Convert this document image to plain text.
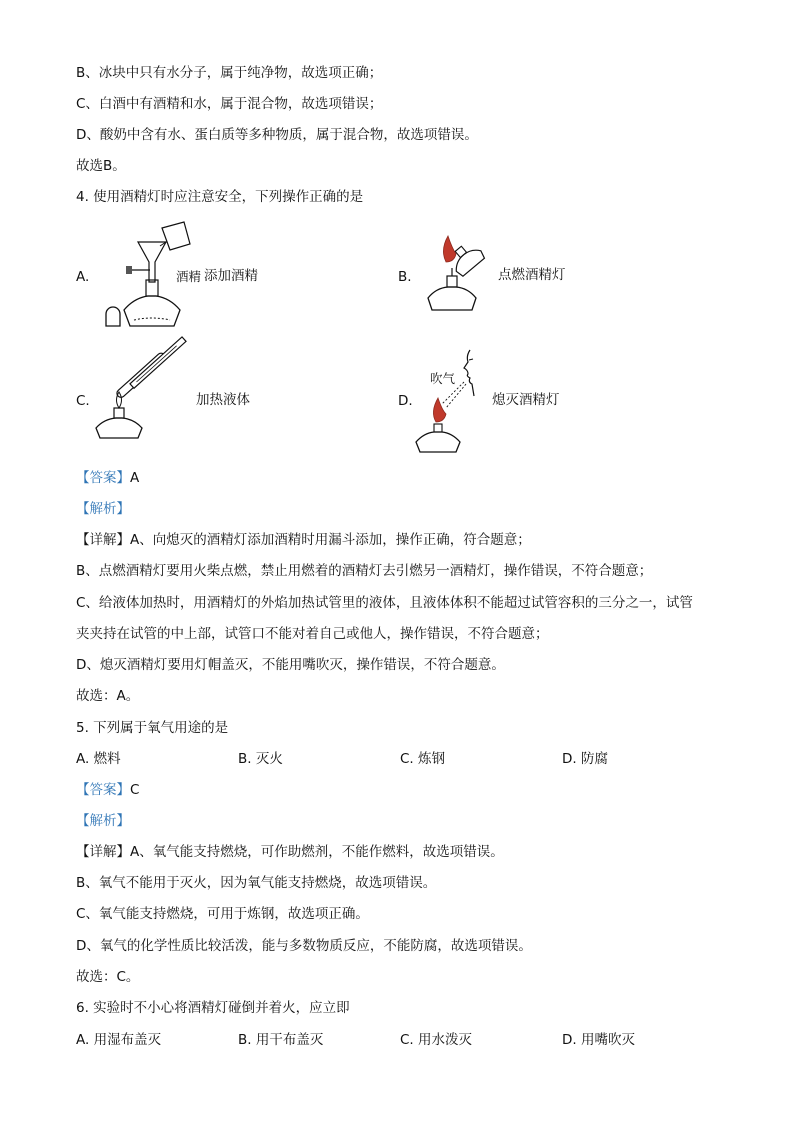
B、冰块中只有水分子，属于纯净物，故选项正确；
C、白酒中有酒精和水，属于混合物，故选项错误；
D、酸奶中含有水、蛋白质等多种物质，属于混合物，故选项错误。
故选B。
4. 使用酒精灯时应注意安全，下列操作正确的是
A.	酒精 添加酒精	B.	点燃酒精灯
C.	加热液体	D.
吹气
熄灭酒精灯
【答案】A
【解析】
【详解】A、向熄灭的酒精灯添加酒精时用漏斗添加，操作正确，符合题意；
B、点燃酒精灯要用火柴点燃，禁止用燃着的酒精灯去引燃另一酒精灯，操作错误，不符合题意；
C、给液体加热时，用酒精灯的外焰加热试管里的液体，且液体体积不能超过试管容积的三分之一，试管
夹夹持在试管的中上部，试管口不能对着自己或他人，操作错误，不符合题意；
D、熄灭酒精灯要用灯帽盖灭，不能用嘴吹灭，操作错误，不符合题意。
故选：A。
5. 下列属于氧气用途的是
A. 燃料	B. 灭火	C. 炼钢	D. 防腐
【答案】C
【解析】
【详解】A、氧气能支持燃烧，可作助燃剂，不能作燃料，故选项错误。
B、氧气不能用于灭火，因为氧气能支持燃烧，故选项错误。
C、氧气能支持燃烧，可用于炼钢，故选项正确。
D、氧气的化学性质比较活泼，能与多数物质反应，不能防腐，故选项错误。
故选：C。
6. 实验时不小心将酒精灯碰倒并着火，应立即
A. 用湿布盖灭	B. 用干布盖灭	C. 用水泼灭	D. 用嘴吹灭
